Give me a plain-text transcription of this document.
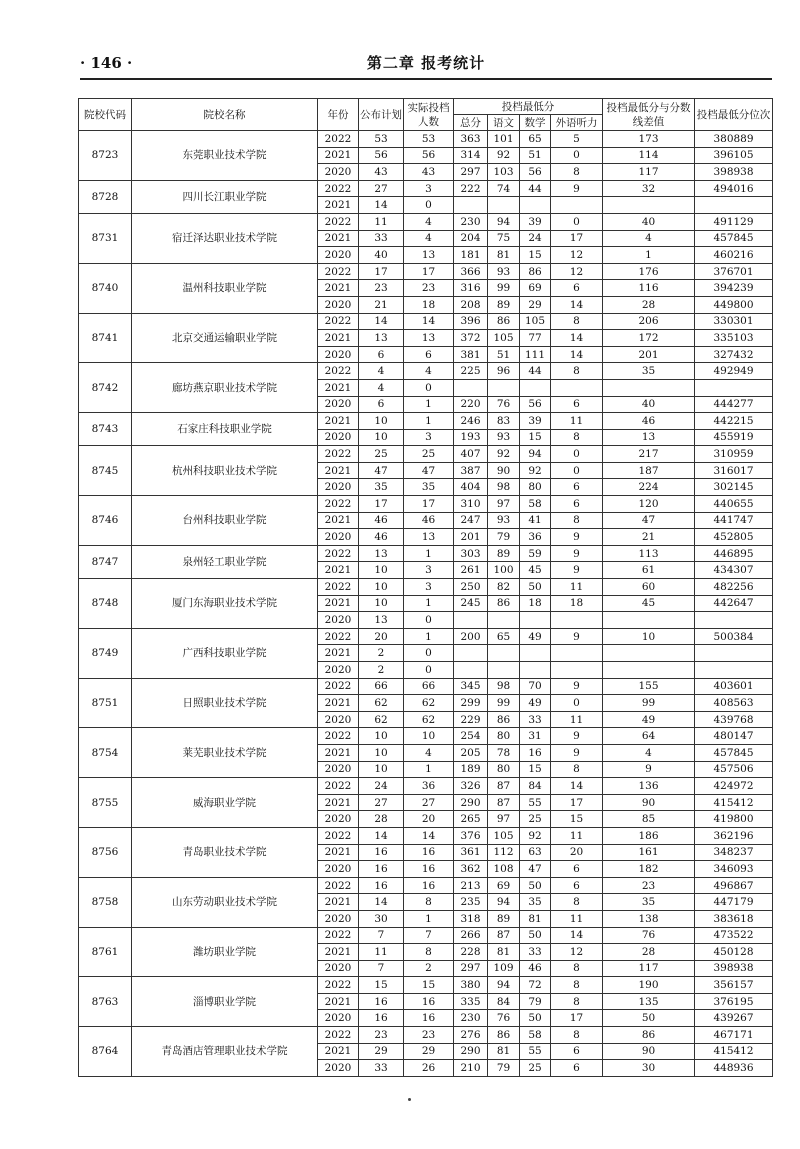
· 146 ·	第二章 报考统计
院校代码	院校名称	年份	公布计划	实际投档人数	投档最低分				投档最低分与分数线差值	投档最低分位次
					总分	语文	数学	外语听力		
8723	东莞职业技术学院	2022	53	53	363	101	65	5	173	380889
		2021	56	56	314	92	51	0	114	396105
		2020	43	43	297	103	56	8	117	398938
8728	四川长江职业学院	2022	27	3	222	74	44	9	32	494016
		2021	14	0						
8731	宿迁泽达职业技术学院	2022	11	4	230	94	39	0	40	491129
		2021	33	4	204	75	24	17	4	457845
		2020	40	13	181	81	15	12	1	460216
8740	温州科技职业学院	2022	17	17	366	93	86	12	176	376701
		2021	23	23	316	99	69	6	116	394239
		2020	21	18	208	89	29	14	28	449800
8741	北京交通运输职业学院	2022	14	14	396	86	105	8	206	330301
		2021	13	13	372	105	77	14	172	335103
		2020	6	6	381	51	111	14	201	327432
8742	廊坊燕京职业技术学院	2022	4	4	225	96	44	8	35	492949
		2021	4	0						
		2020	6	1	220	76	56	6	40	444277
8743	石家庄科技职业学院	2021	10	1	246	83	39	11	46	442215
		2020	10	3	193	93	15	8	13	455919
8745	杭州科技职业技术学院	2022	25	25	407	92	94	0	217	310959
		2021	47	47	387	90	92	0	187	316017
		2020	35	35	404	98	80	6	224	302145
8746	台州科技职业学院	2022	17	17	310	97	58	6	120	440655
		2021	46	46	247	93	41	8	47	441747
		2020	46	13	201	79	36	9	21	452805
8747	泉州轻工职业学院	2022	13	1	303	89	59	9	113	446895
		2021	10	3	261	100	45	9	61	434307
8748	厦门东海职业技术学院	2022	10	3	250	82	50	11	60	482256
		2021	10	1	245	86	18	18	45	442647
		2020	13	0						
8749	广西科技职业学院	2022	20	1	200	65	49	9	10	500384
		2021	2	0						
		2020	2	0						
8751	日照职业技术学院	2022	66	66	345	98	70	9	155	403601
		2021	62	62	299	99	49	0	99	408563
		2020	62	62	229	86	33	11	49	439768
8754	莱芜职业技术学院	2022	10	10	254	80	31	9	64	480147
		2021	10	4	205	78	16	9	4	457845
		2020	10	1	189	80	15	8	9	457506
8755	威海职业学院	2022	24	36	326	87	84	14	136	424972
		2021	27	27	290	87	55	17	90	415412
		2020	28	20	265	97	25	15	85	419800
8756	青岛职业技术学院	2022	14	14	376	105	92	11	186	362196
		2021	16	16	361	112	63	20	161	348237
		2020	16	16	362	108	47	6	182	346093
8758	山东劳动职业技术学院	2022	16	16	213	69	50	6	23	496867
		2021	14	8	235	94	35	8	35	447179
		2020	30	1	318	89	81	11	138	383618
8761	潍坊职业学院	2022	7	7	266	87	50	14	76	473522
		2021	11	8	228	81	33	12	28	450128
		2020	7	2	297	109	46	8	117	398938
8763	淄博职业学院	2022	15	15	380	94	72	8	190	356157
		2021	16	16	335	84	79	8	135	376195
		2020	16	16	230	76	50	17	50	439267
8764	青岛酒店管理职业技术学院	2022	23	23	276	86	58	8	86	467171
		2021	29	29	290	81	55	6	90	415412
		2020	33	26	210	79	25	6	30	448936
